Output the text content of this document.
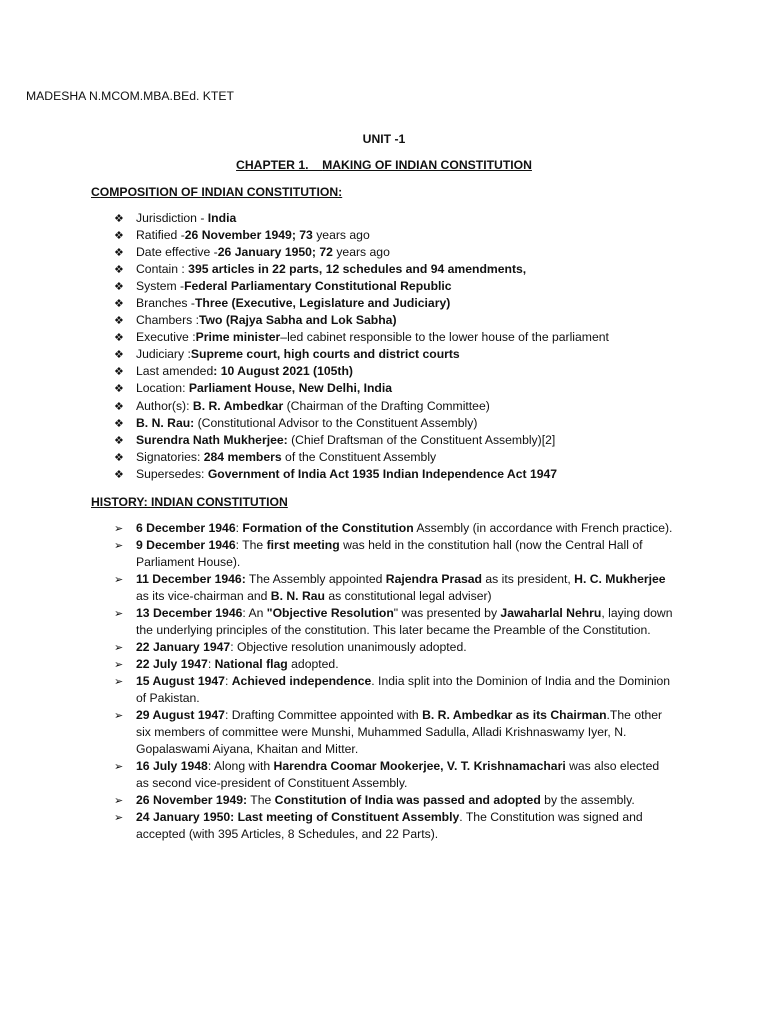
MADESHA N.MCOM.MBA.BEd. KTET
UNIT -1
CHAPTER 1. MAKING OF INDIAN CONSTITUTION
COMPOSITION OF INDIAN CONSTITUTION:
❖ Jurisdiction - India
❖ Ratified -26 November 1949; 73 years ago
❖ Date effective -26 January 1950; 72 years ago
❖ Contain : 395 articles in 22 parts, 12 schedules and 94 amendments,
❖ System -Federal Parliamentary Constitutional Republic
❖ Branches -Three (Executive, Legislature and Judiciary)
❖ Chambers :Two (Rajya Sabha and Lok Sabha)
❖ Executive :Prime minister–led cabinet responsible to the lower house of the parliament
❖ Judiciary :Supreme court, high courts and district courts
❖ Last amended: 10 August 2021 (105th)
❖ Location: Parliament House, New Delhi, India
❖ Author(s): B. R. Ambedkar (Chairman of the Drafting Committee)
❖ B. N. Rau: (Constitutional Advisor to the Constituent Assembly)
❖ Surendra Nath Mukherjee: (Chief Draftsman of the Constituent Assembly)[2]
❖ Signatories: 284 members of the Constituent Assembly
❖ Supersedes: Government of India Act 1935 Indian Independence Act 1947
HISTORY: INDIAN CONSTITUTION
➢ 6 December 1946: Formation of the Constitution Assembly (in accordance with French practice).
➢ 9 December 1946: The first meeting was held in the constitution hall (now the Central Hall of Parliament House).
➢ 11 December 1946: The Assembly appointed Rajendra Prasad as its president, H. C. Mukherjee as its vice-chairman and B. N. Rau as constitutional legal adviser)
➢ 13 December 1946: An "Objective Resolution" was presented by Jawaharlal Nehru, laying down the underlying principles of the constitution. This later became the Preamble of the Constitution.
➢ 22 January 1947: Objective resolution unanimously adopted.
➢ 22 July 1947: National flag adopted.
➢ 15 August 1947: Achieved independence. India split into the Dominion of India and the Dominion of Pakistan.
➢ 29 August 1947: Drafting Committee appointed with B. R. Ambedkar as its Chairman.The other six members of committee were Munshi, Muhammed Sadulla, Alladi Krishnaswamy Iyer, N. Gopalaswami Aiyana, Khaitan and Mitter.
➢ 16 July 1948: Along with Harendra Coomar Mookerjee, V. T. Krishnamachari was also elected as second vice-president of Constituent Assembly.
➢ 26 November 1949: The Constitution of India was passed and adopted by the assembly.
➢ 24 January 1950: Last meeting of Constituent Assembly. The Constitution was signed and accepted (with 395 Articles, 8 Schedules, and 22 Parts).
